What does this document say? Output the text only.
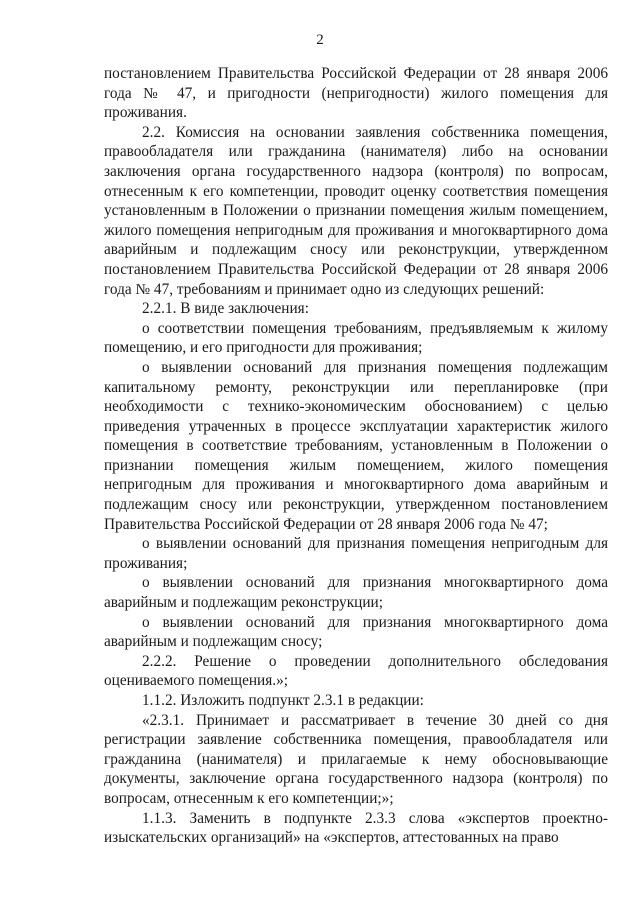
2

постановлением Правительства Российской Федерации от 28 января 2006 года № 47, и пригодности (непригодности) жилого помещения для проживания.

2.2. Комиссия на основании заявления собственника помещения, правообладателя или гражданина (нанимателя) либо на основании заключения органа государственного надзора (контроля) по вопросам, отнесенным к его компетенции, проводит оценку соответствия помещения установленным в Положении о признании помещения жилым помещением, жилого помещения непригодным для проживания и многоквартирного дома аварийным и подлежащим сносу или реконструкции, утвержденном постановлением Правительства Российской Федерации от 28 января 2006 года № 47, требованиям и принимает одно из следующих решений:

2.2.1. В виде заключения:

о соответствии помещения требованиям, предъявляемым к жилому помещению, и его пригодности для проживания;

о выявлении оснований для признания помещения подлежащим капитальному ремонту, реконструкции или перепланировке (при необходимости с технико-экономическим обоснованием) с целью приведения утраченных в процессе эксплуатации характеристик жилого помещения в соответствие требованиям, установленным в Положении о признании помещения жилым помещением, жилого помещения непригодным для проживания и многоквартирного дома аварийным и подлежащим сносу или реконструкции, утвержденном постановлением Правительства Российской Федерации от 28 января 2006 года № 47;

о выявлении оснований для признания помещения непригодным для проживания;

о выявлении оснований для признания многоквартирного дома аварийным и подлежащим реконструкции;

о выявлении оснований для признания многоквартирного дома аварийным и подлежащим сносу;

2.2.2. Решение о проведении дополнительного обследования оцениваемого помещения.»;

1.1.2. Изложить подпункт 2.3.1 в редакции:

«2.3.1. Принимает и рассматривает в течение 30 дней со дня регистрации заявление собственника помещения, правообладателя или гражданина (нанимателя) и прилагаемые к нему обосновывающие документы, заключение органа государственного надзора (контроля) по вопросам, отнесенным к его компетенции;»;

1.1.3. Заменить в подпункте 2.3.3 слова «экспертов проектно-изыскательских организаций» на «экспертов, аттестованных на право
